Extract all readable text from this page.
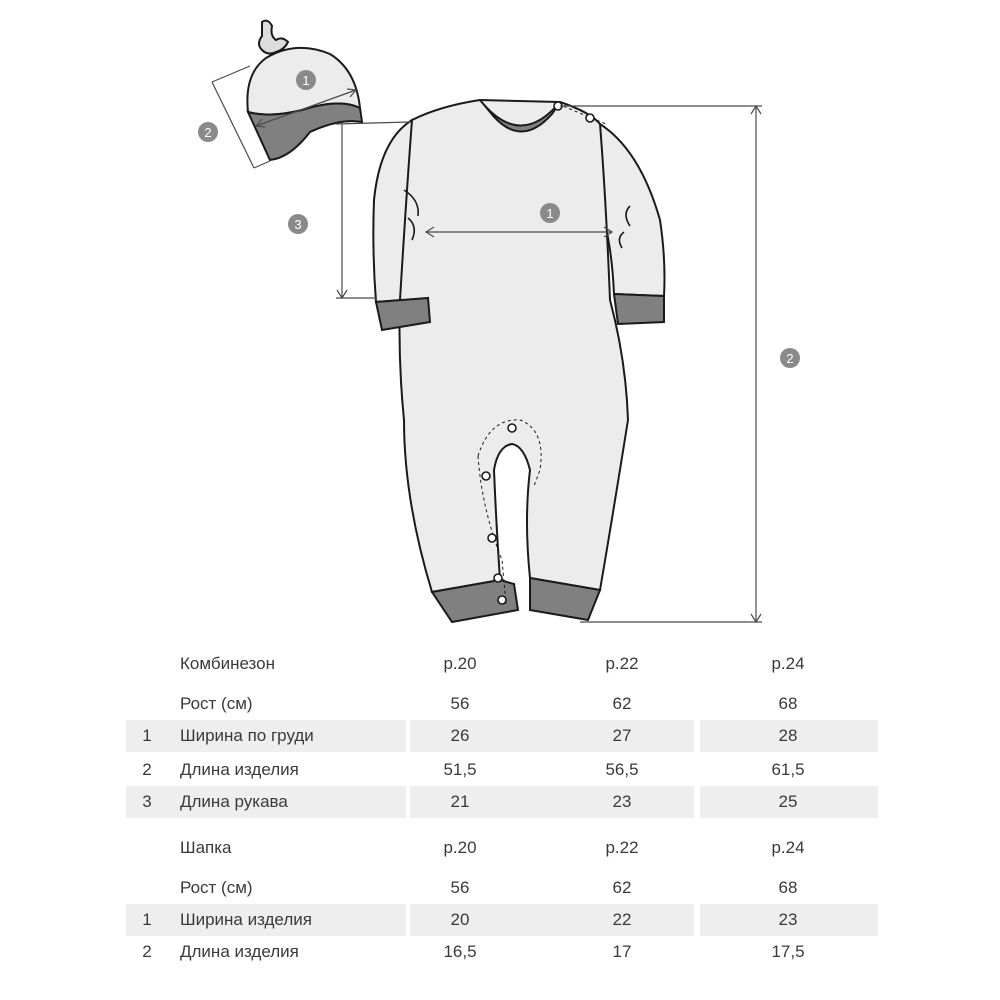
1
2
3
1
2
Комбинезон	р.20	р.22	р.24
Рост (см)	56	62	68
1 Ширина по груди	26	27	28
2 Длина изделия	51,5	56,5	61,5
3 Длина рукава	21	23	25
Шапка	р.20	р.22	р.24
Рост (см)	56	62	68
1 Ширина изделия	20	22	23
2 Длина изделия	16,5	17	17,5
